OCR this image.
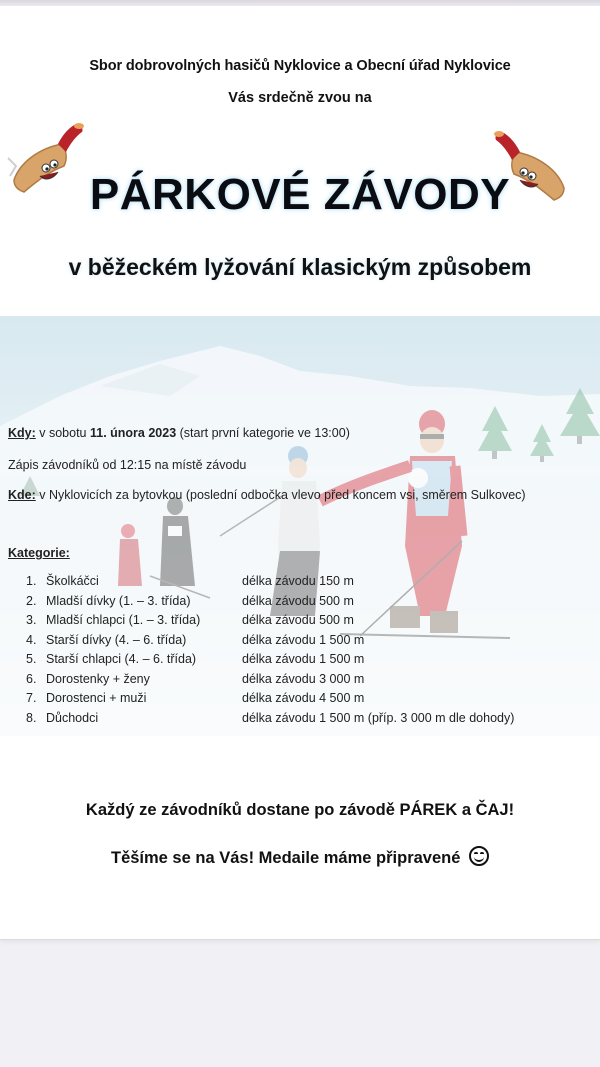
Sbor dobrovolných hasičů Nyklovice a Obecní úřad Nyklovice
Vás srdečně zvou na
PÁRKOVÉ ZÁVODY
v běžeckém lyžování klasickým způsobem
Kdy: v sobotu 11. února 2023 (start první kategorie ve 13:00)
Zápis závodníků od 12:15 na místě závodu
Kde: v Nyklovicích za bytovkou (poslední odbočka vlevo před koncem vsi, směrem Sulkovec)
Kategorie:
1. Školkáčci	délka závodu 150 m
2. Mladší dívky (1. – 3. třída)	délka závodu 500 m
3. Mladší chlapci (1. – 3. třída)	délka závodu 500 m
4. Starší dívky (4. – 6. třída)	délka závodu 1 500 m
5. Starší chlapci (4. – 6. třída)	délka závodu 1 500 m
6. Dorostenky + ženy	délka závodu 3 000 m
7. Dorostenci + muži	délka závodu 4 500 m
8. Důchodci	délka závodu 1 500 m (příp. 3 000 m dle dohody)
Každý ze závodníků dostane po závodě PÁREK a ČAJ!
Těšíme se na Vás! Medaile máme připravené
